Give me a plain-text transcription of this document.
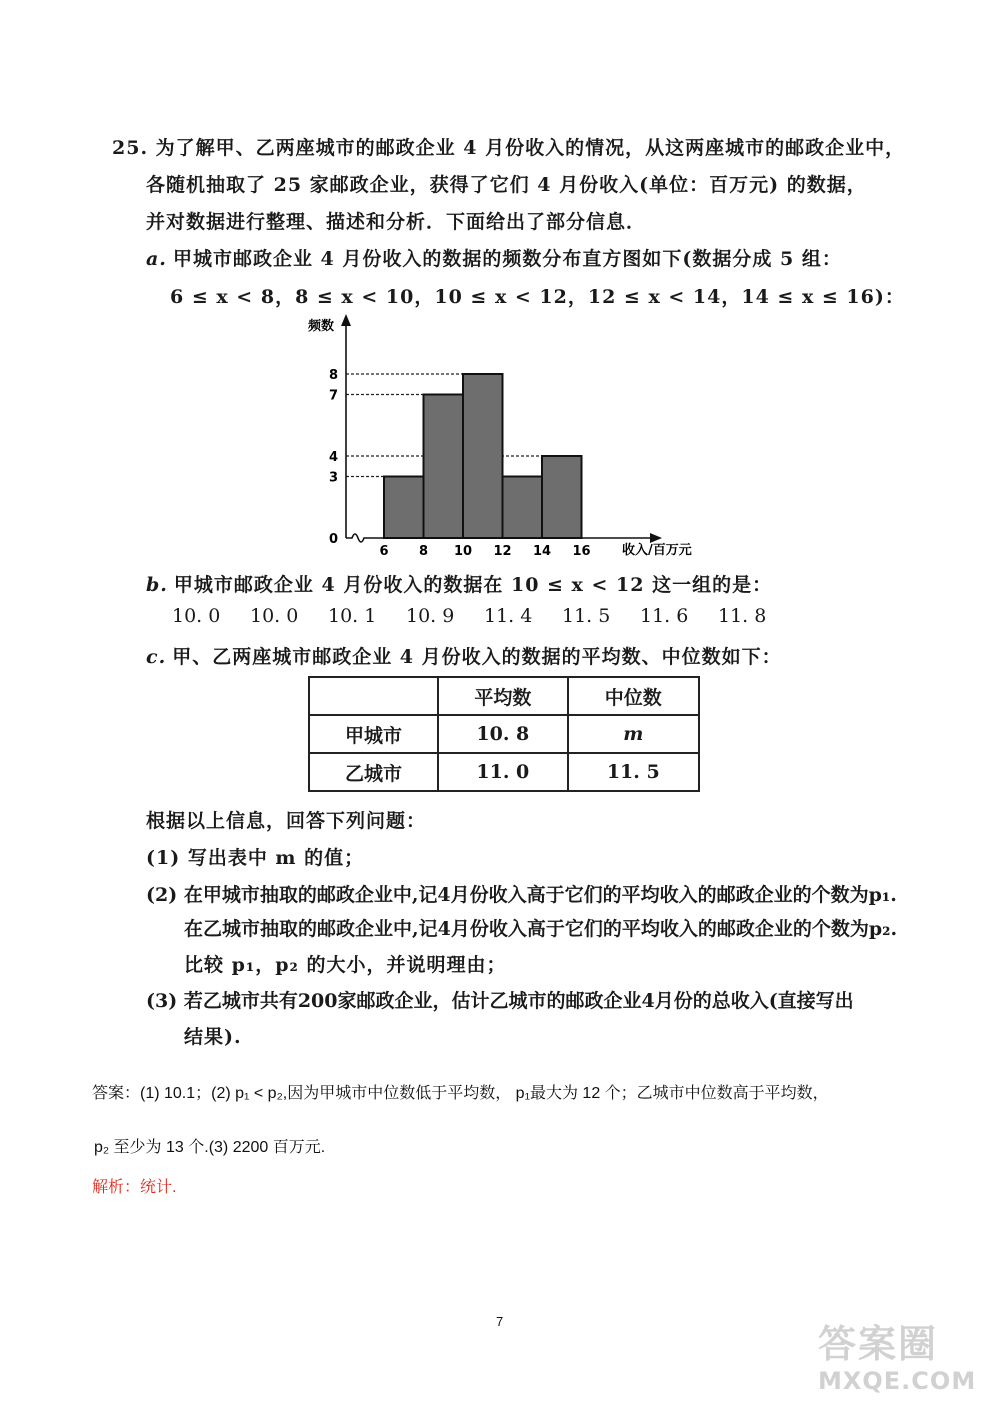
25. 为了解甲、乙两座城市的邮政企业 4 月份收入的情况，从这两座城市的邮政企业中，
各随机抽取了 25 家邮政企业，获得了它们 4 月份收入(单位：百万元) 的数据，
并对数据进行整理、描述和分析．下面给出了部分信息．
a. 甲城市邮政企业 4 月份收入的数据的频数分布直方图如下(数据分成 5 组：
6 ≤ x < 8，8 ≤ x < 10，10 ≤ x < 12，12 ≤ x < 14，14 ≤ x ≤ 16)：
频数
收入/百万元
0
3
4
7
8
6 8 10 12 14 16
b. 甲城市邮政企业 4 月份收入的数据在 10 ≤ x < 12 这一组的是：
10. 0 10. 0 10. 1 10. 9 11. 4 11. 5 11. 6 11. 8
c. 甲、乙两座城市邮政企业 4 月份收入的数据的平均数、中位数如下：
	平均数	中位数
甲城市	10. 8	m
乙城市	11. 0	11. 5
根据以上信息，回答下列问题：
(1) 写出表中 m 的值；
(2) 在甲城市抽取的邮政企业中,记4月份收入高于它们的平均收入的邮政企业的个数为p₁.
在乙城市抽取的邮政企业中,记4月份收入高于它们的平均收入的邮政企业的个数为p₂.
比较 p₁，p₂ 的大小，并说明理由；
(3) 若乙城市共有200家邮政企业，估计乙城市的邮政企业4月份的总收入(直接写出
结果).
答案：(1) 10.1；(2) p₁ < p₂,因为甲城市中位数低于平均数， p₁最大为 12 个；乙城市中位数高于平均数，
p₂ 至少为 13 个.(3) 2200 百万元.
解析：统计.
7
答案圈
MXQE.COM
